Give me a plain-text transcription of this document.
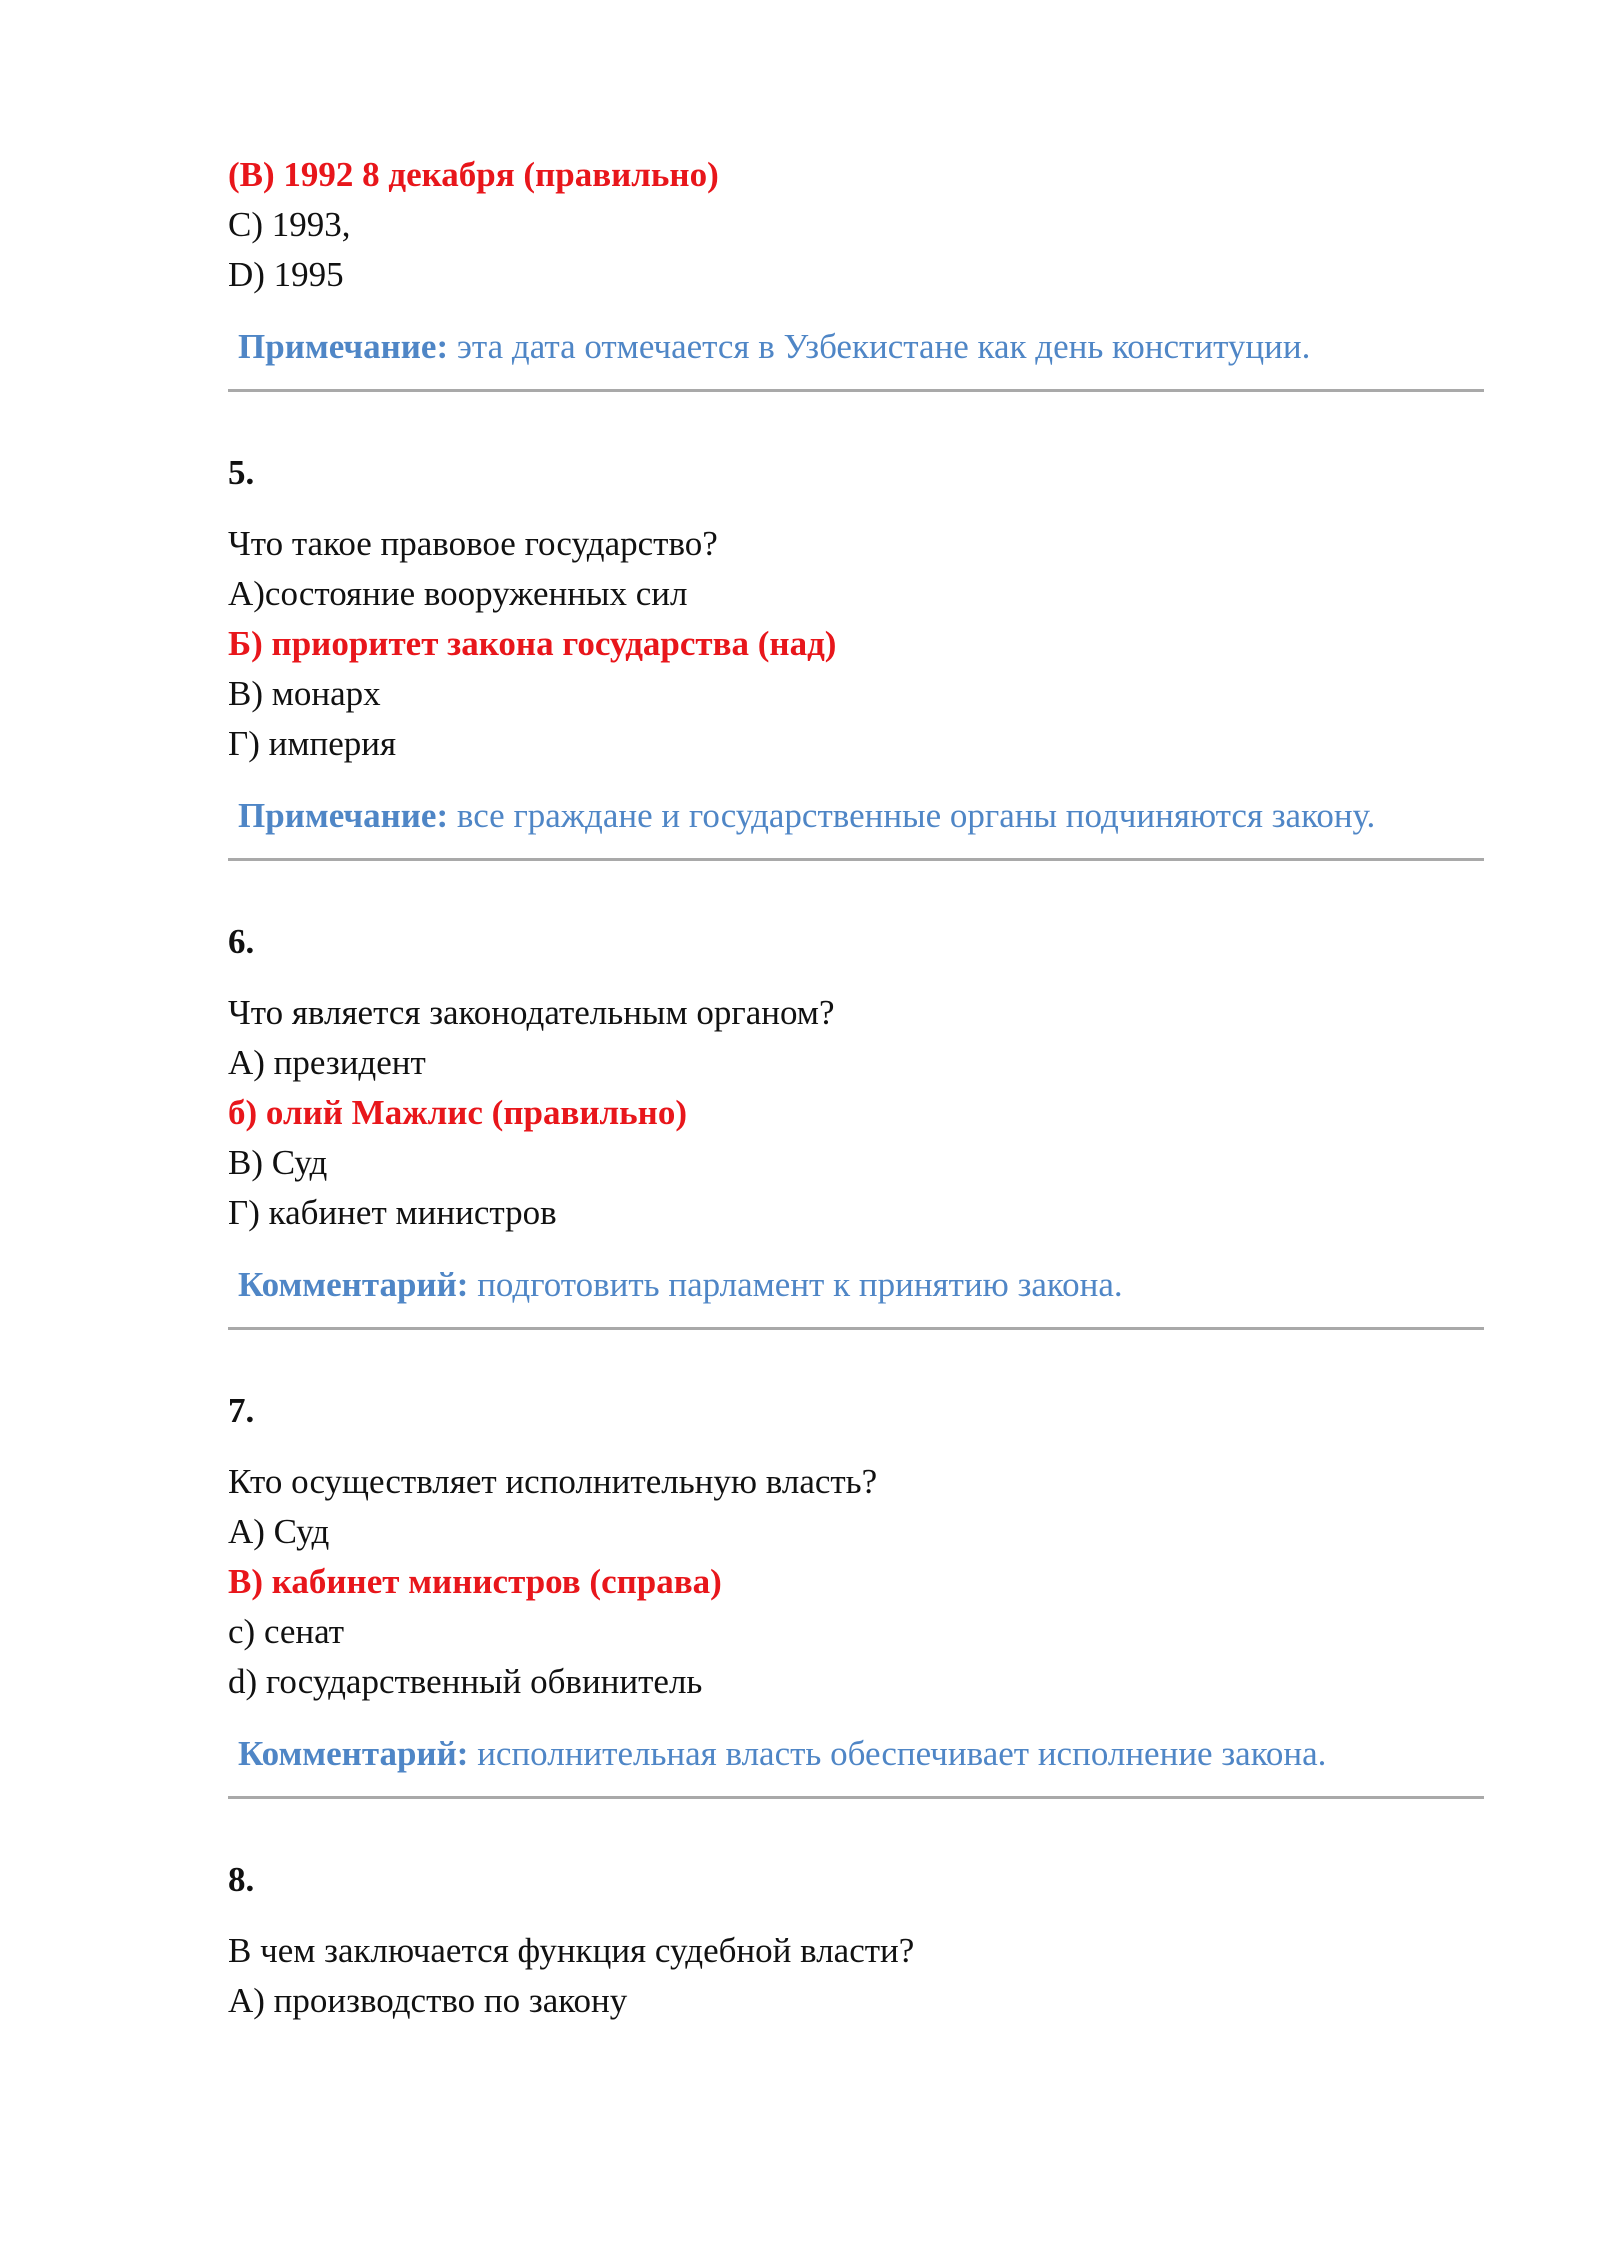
(В) 1992 8 декабря (правильно)
С) 1993,
D) 1995
Примечание: эта дата отмечается в Узбекистане как день конституции.
5.
Что такое правовое государство?
А)состояние вооруженных сил
Б) приоритет закона государства (над)
В) монарх
Г) империя
Примечание: все граждане и государственные органы подчиняются закону.
6.
Что является законодательным органом?
А) президент
б) олий Мажлис (правильно)
В) Суд
Г) кабинет министров
Комментарий: подготовить парламент к принятию закона.
7.
Кто осуществляет исполнительную власть?
А) Суд
В) кабинет министров (справа)
с) сенат
d) государственный обвинитель
Комментарий: исполнительная власть обеспечивает исполнение закона.
8.
В чем заключается функция судебной власти?
А) производство по закону
